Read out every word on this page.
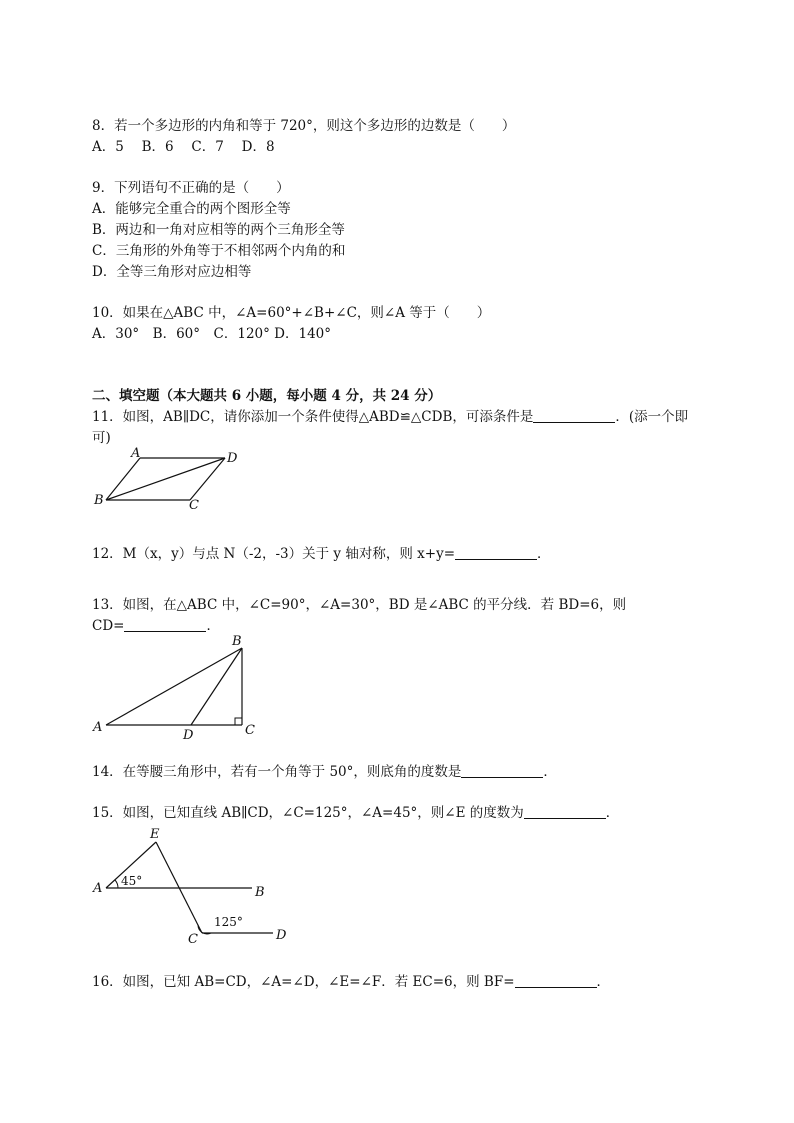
8．若一个多边形的内角和等于 720°，则这个多边形的边数是（　　）
A．5　 B．6　 C．7　 D．8
9．下列语句不正确的是（　　）
A．能够完全重合的两个图形全等
B．两边和一角对应相等的两个三角形全等
C．三角形的外角等于不相邻两个内角的和
D．全等三角形对应边相等
10．如果在△ABC 中，∠A=60°+∠B+∠C，则∠A 等于（　　）
A．30°　B．60°　C．120° D．140°
二、填空题（本大题共 6 小题，每小题 4 分，共 24 分）
11．如图，AB∥DC，请你添加一个条件使得△ABD≌△CDB，可添条件是	．(添一个即
可)
A	D
B	C
12．M（x，y）与点 N（-2，-3）关于 y 轴对称，则 x+y=	．
13．如图，在△ABC 中，∠C=90°，∠A=30°，BD 是∠ABC 的平分线．若 BD=6，则
CD=	．
B
A
D	C
14．在等腰三角形中，若有一个角等于 50°，则底角的度数是	．
15．如图，已知直线 AB∥CD，∠C=125°，∠A=45°，则∠E 的度数为	．
E
A 45°
B
125°
C	D
16．如图，已知 AB=CD，∠A=∠D，∠E=∠F．若 EC=6，则 BF=	．
